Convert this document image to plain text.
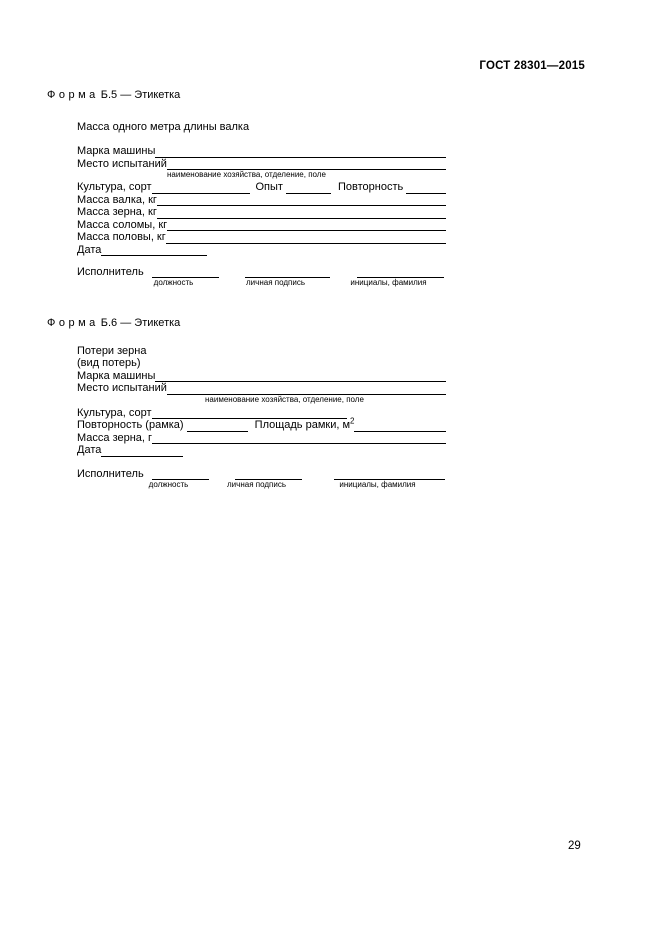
ГОСТ 28301—2015
Форма Б.5 — Этикетка
Масса одного метра длины валка
Марка машины
Место испытаний
наименование хозяйства, отделение, поле
Культура, сорт	Опыт	Повторность
Масса валка, кг
Масса зерна, кг
Масса соломы, кг
Масса половы, кг
Дата
Исполнитель
должность	личная подпись	инициалы, фамилия
Форма Б.6 — Этикетка
Потери зерна
(вид потерь)
Марка машины
Место испытаний
наименование хозяйства, отделение, поле
Культура, сорт
Повторность (рамка)	Площадь рамки, $м^2$
Масса зерна, г
Дата
Исполнитель
должность	личная подпись	инициалы, фамилия
29
